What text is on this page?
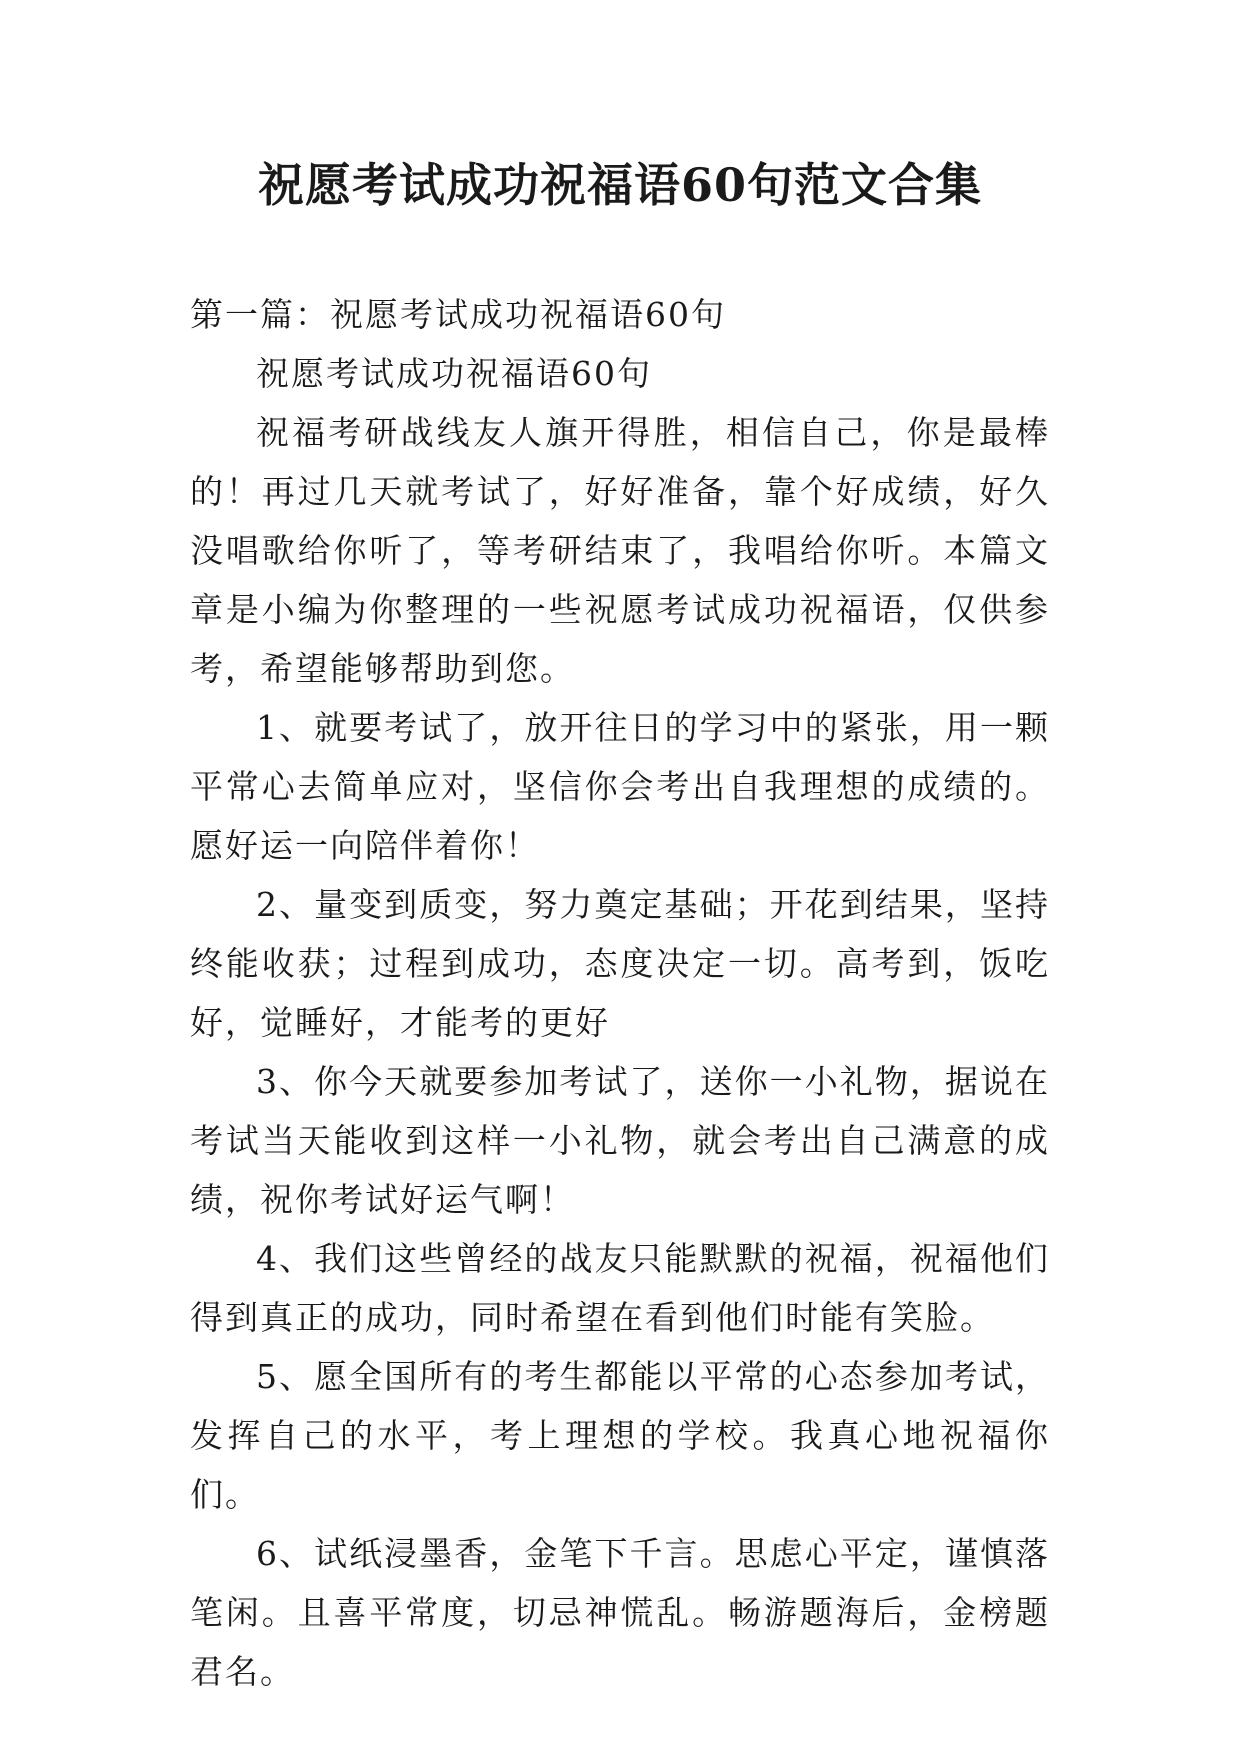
祝愿考试成功祝福语60句范文合集

第一篇：祝愿考试成功祝福语60句

祝愿考试成功祝福语60句

祝福考研战线友人旗开得胜，相信自己，你是最棒的！再过几天就考试了，好好准备，靠个好成绩，好久没唱歌给你听了，等考研结束了，我唱给你听。本篇文章是小编为你整理的一些祝愿考试成功祝福语，仅供参考，希望能够帮助到您。

1、就要考试了，放开往日的学习中的紧张，用一颗平常心去简单应对，坚信你会考出自我理想的成绩的。愿好运一向陪伴着你！

2、量变到质变，努力奠定基础；开花到结果，坚持终能收获；过程到成功，态度决定一切。高考到，饭吃好，觉睡好，才能考的更好

3、你今天就要参加考试了，送你一小礼物，据说在考试当天能收到这样一小礼物，就会考出自己满意的成绩，祝你考试好运气啊！

4、我们这些曾经的战友只能默默的祝福，祝福他们得到真正的成功，同时希望在看到他们时能有笑脸。

5、愿全国所有的考生都能以平常的心态参加考试，发挥自己的水平，考上理想的学校。我真心地祝福你们。

6、试纸浸墨香，金笔下千言。思虑心平定，谨慎落笔闲。且喜平常度，切忌神慌乱。畅游题海后，金榜题君名。
